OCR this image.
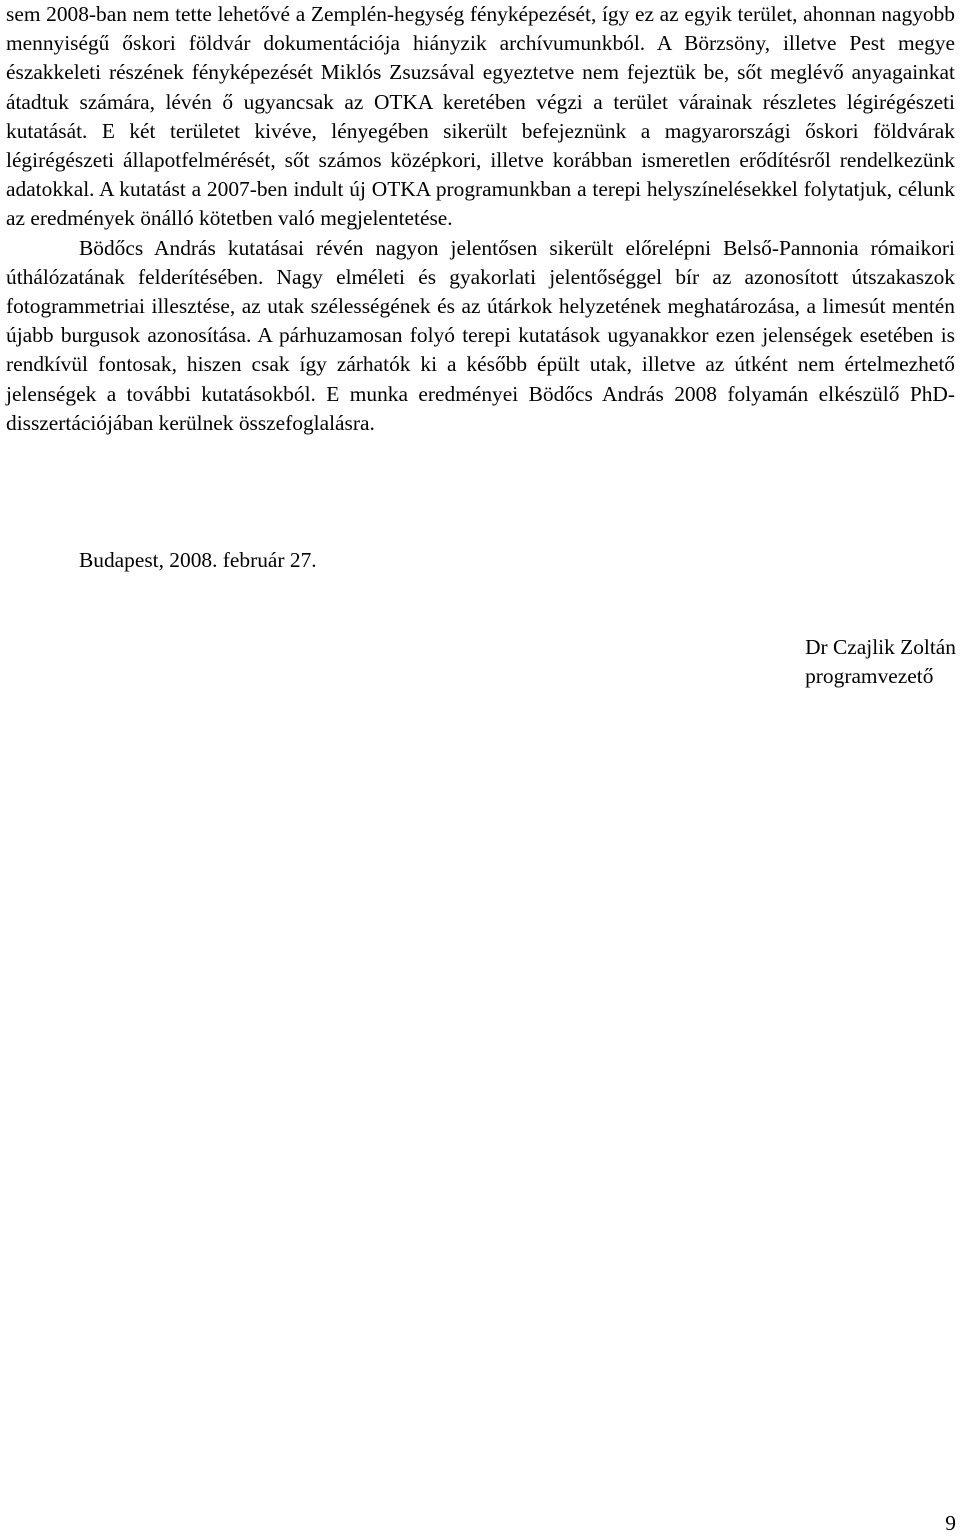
sem 2008-ban nem tette lehetővé a Zemplén-hegység fényképezését, így ez az egyik terület, ahonnan nagyobb mennyiségű őskori földvár dokumentációja hiányzik archívumunkból. A Börzsöny, illetve Pest megye északkeleti részének fényképezését Miklós Zsuzsával egyeztetve nem fejeztük be, sőt meglévő anyagainkat átadtuk számára, lévén ő ugyancsak az OTKA keretében végzi a terület várainak részletes légirégészeti kutatását. E két területet kivéve, lényegében sikerült befejeznünk a magyarországi őskori földvárak légirégészeti állapotfelmérését, sőt számos középkori, illetve korábban ismeretlen erődítésről rendelkezünk adatokkal. A kutatást a 2007-ben indult új OTKA programunkban a terepi helyszínelésekkel folytatjuk, célunk az eredmények önálló kötetben való megjelentetése.

Bödőcs András kutatásai révén nagyon jelentősen sikerült előrelépni Belső-Pannonia rómaikori úthálózatának felderítésében. Nagy elméleti és gyakorlati jelentőséggel bír az azonosított útszakaszok fotogrammetriai illesztése, az utak szélességének és az útárkok helyzetének meghatározása, a limesút mentén újabb burgusok azonosítása. A párhuzamosan folyó terepi kutatások ugyanakkor ezen jelenségek esetében is rendkívül fontosak, hiszen csak így zárhatók ki a később épült utak, illetve az útként nem értelmezhető jelenségek a további kutatásokból. E munka eredményei Bödőcs András 2008 folyamán elkészülő PhD-disszertációjában kerülnek összefoglalásra.

Budapest, 2008. február 27.
Dr Czajlik Zoltán
programvezető
9
